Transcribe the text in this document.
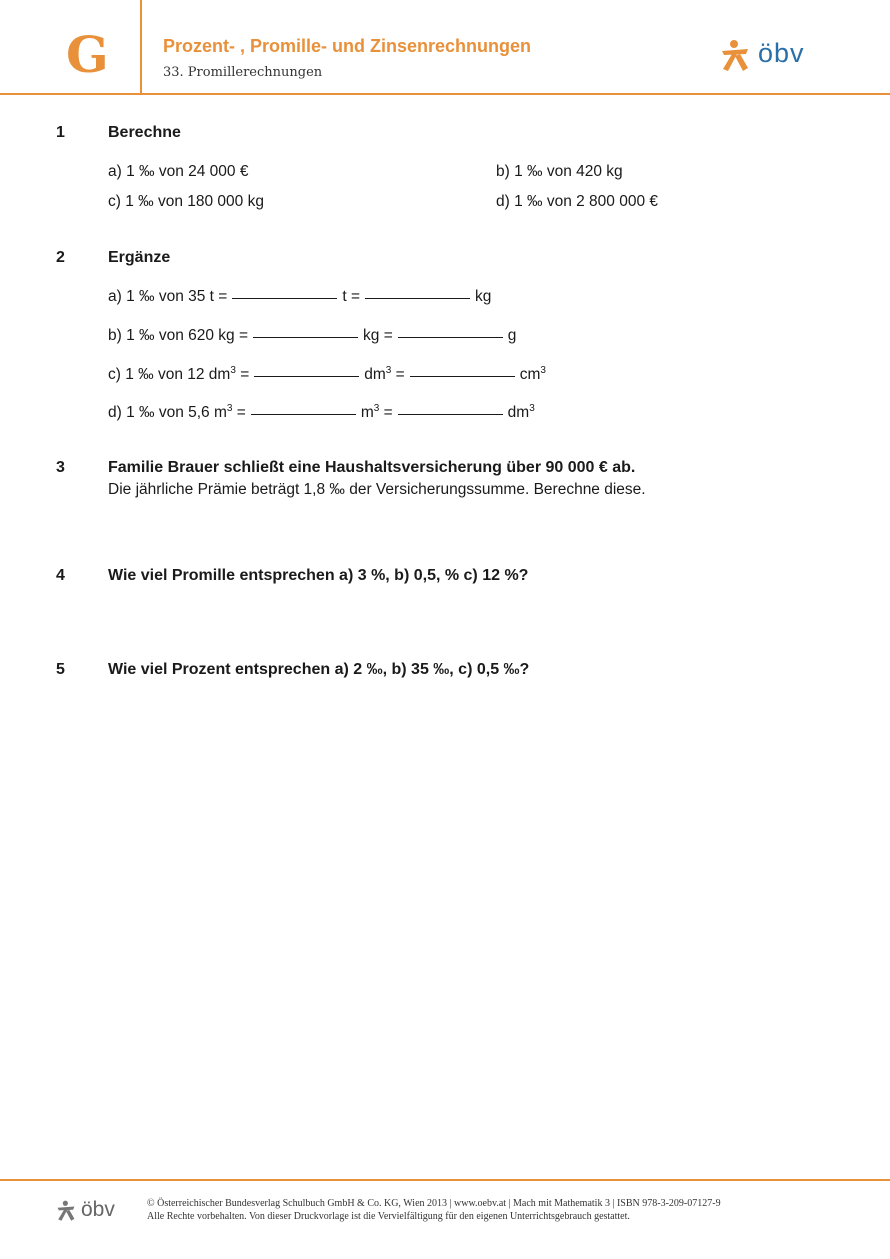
G	Prozent- , Promille- und Zinsenrechnungen
33. Promillerechnungen
öbv
1	Berechne
a) 1 ‰ von 24 000 €	b) 1 ‰ von 420 kg
c) 1 ‰ von 180 000 kg	d) 1 ‰ von 2 800 000 €
2	Ergänze
a) 1 ‰ von 35 t =	t =	kg
b) 1 ‰ von 620 kg =	kg =	g
c) 1 ‰ von 12 $dm^3$ =	$dm^3$ =	$cm^3$
d) 1 ‰ von 5,6 $m^3$ =	$m^3$ =	$dm^3$
3	Familie Brauer schließt eine Haushaltsversicherung über 90 000 € ab.
Die jährliche Prämie beträgt 1,8 ‰ der Versicherungssumme. Berechne diese.
4	Wie viel Promille entsprechen a) 3 %, b) 0,5, % c) 12 %?
5	Wie viel Prozent entsprechen a) 2 ‰, b) 35 ‰, c) 0,5 ‰?
öbv	© Österreichischer Bundesverlag Schulbuch GmbH & Co. KG, Wien 2013 | www.oebv.at | Mach mit Mathematik 3 | ISBN 978-3-209-07127-9
Alle Rechte vorbehalten. Von dieser Druckvorlage ist die Vervielfältigung für den eigenen Unterrichtsgebrauch gestattet.
